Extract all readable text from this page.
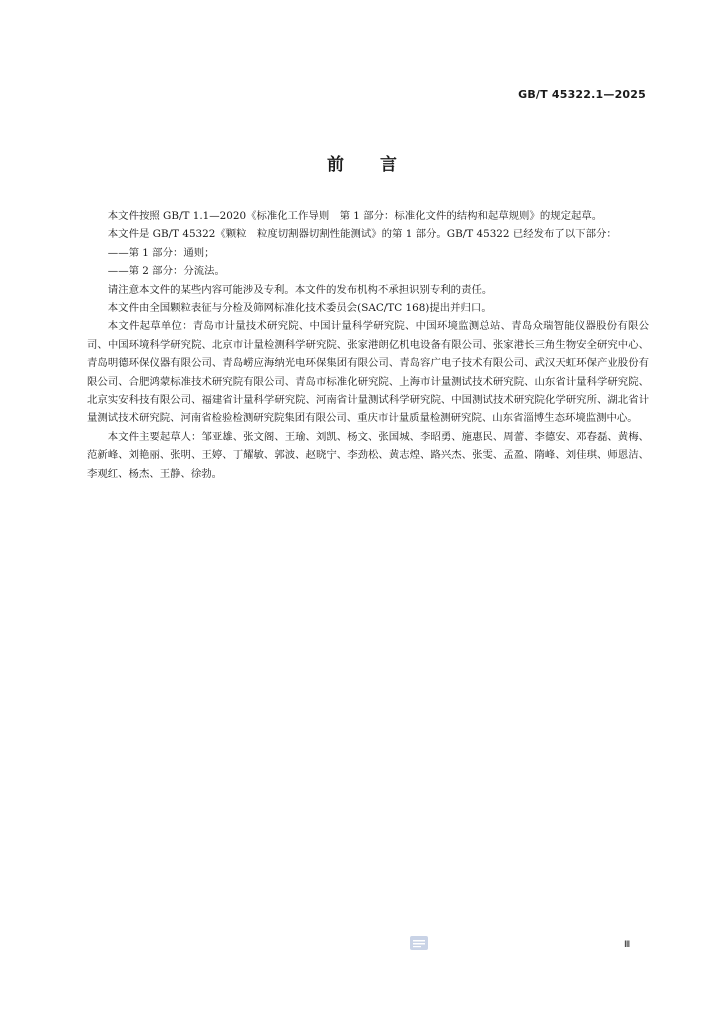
GB/T 45322.1—2025
前 言

本文件按照 GB/T 1.1—2020《标准化工作导则　第 1 部分：标准化文件的结构和起草规则》的规定起草。

本文件是 GB/T 45322《颗粒　粒度切割器切割性能测试》的第 1 部分。GB/T 45322 已经发布了以下部分：

——第 1 部分：通则；

——第 2 部分：分流法。

请注意本文件的某些内容可能涉及专利。本文件的发布机构不承担识别专利的责任。

本文件由全国颗粒表征与分检及筛网标准化技术委员会(SAC/TC 168)提出并归口。

本文件起草单位：青岛市计量技术研究院、中国计量科学研究院、中国环境监测总站、青岛众瑞智能仪器股份有限公司、中国环境科学研究院、北京市计量检测科学研究院、张家港朗亿机电设备有限公司、张家港长三角生物安全研究中心、青岛明德环保仪器有限公司、青岛崂应海纳光电环保集团有限公司、青岛容广电子技术有限公司、武汉天虹环保产业股份有限公司、合肥鸿蒙标准技术研究院有限公司、青岛市标准化研究院、上海市计量测试技术研究院、山东省计量科学研究院、北京实安科技有限公司、福建省计量科学研究院、河南省计量测试科学研究院、中国测试技术研究院化学研究所、湖北省计量测试技术研究院、河南省检验检测研究院集团有限公司、重庆市计量质量检测研究院、山东省淄博生态环境监测中心。

本文件主要起草人：邹亚雄、张文阁、王瑜、刘凯、杨文、张国城、李昭勇、施惠民、周蕾、李德安、邓春磊、黄梅、范新峰、刘艳丽、张明、王婷、丁耀敏、郭波、赵晓宁、李劲松、黄志煌、路兴杰、张雯、孟盈、隋峰、刘佳琪、师恩洁、李观红、杨杰、王静、徐勃。

Ⅲ
